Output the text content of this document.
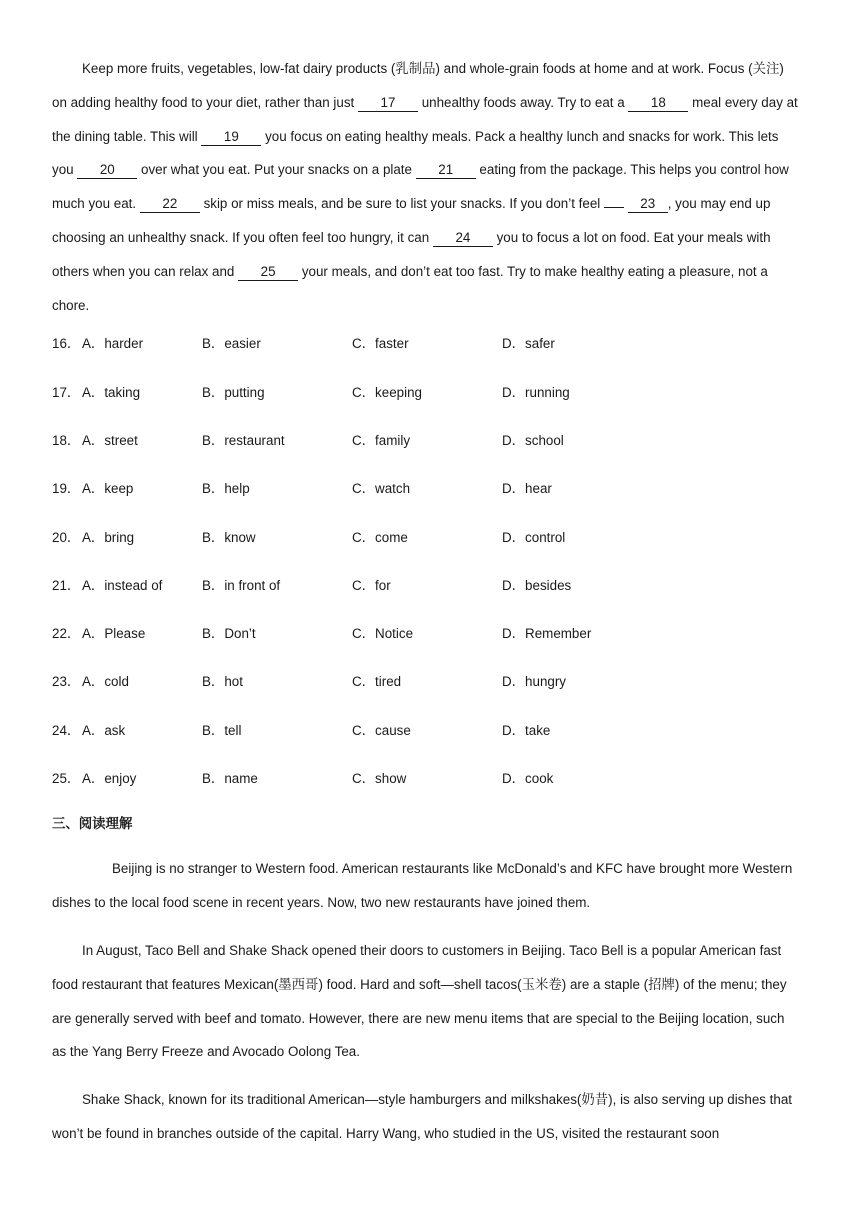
Keep more fruits, vegetables, low-fat dairy products (乳制品) and whole-grain foods at home and at work. Focus (关注) on adding healthy food to your diet, rather than just 17 unhealthy foods away. Try to eat a 18 meal every day at the dining table. This will 19 you focus on eating healthy meals. Pack a healthy lunch and snacks for work. This lets you 20 over what you eat. Put your snacks on a plate 21 eating from the package. This helps you control how much you eat. 22 skip or miss meals, and be sure to list your snacks. If you don’t feel	23 , you may end up choosing an unhealthy snack. If you often feel too hungry, it can 24 you to focus a lot on food. Eat your meals with others when you can relax and 25 your meals, and don’t eat too fast. Try to make healthy eating a pleasure, not a chore.

16． A．harder	B．easier	C．faster	D．safer
17． A．taking	B．putting	C．keeping	D．running
18． A．street	B．restaurant	C．family	D．school
19． A．keep	B．help	C．watch	D．hear
20． A．bring	B．know	C．come	D．control
21． A．instead of	B．in front of	C．for	D．besides
22． A．Please	B．Don’t	C．Notice	D．Remember
23． A．cold	B．hot	C．tired	D．hungry
24． A．ask	B．tell	C．cause	D．take
25． A．enjoy	B．name	C．show	D．cook
三、阅读理解

Beijing is no stranger to Western food. American restaurants like McDonald’s and KFC have brought more Western dishes to the local food scene in recent years. Now, two new restaurants have joined them.

In August, Taco Bell and Shake Shack opened their doors to customers in Beijing. Taco Bell is a popular American fast food restaurant that features Mexican(墨西哥) food. Hard and soft—shell tacos(玉米卷) are a staple (招牌) of the menu; they are generally served with beef and tomato. However, there are new menu items that are special to the Beijing location, such as the Yang Berry Freeze and Avocado Oolong Tea.

Shake Shack, known for its traditional American—style hamburgers and milkshakes(奶昔), is also serving up dishes that won’t be found in branches outside of the capital. Harry Wang, who studied in the US, visited the restaurant soon
